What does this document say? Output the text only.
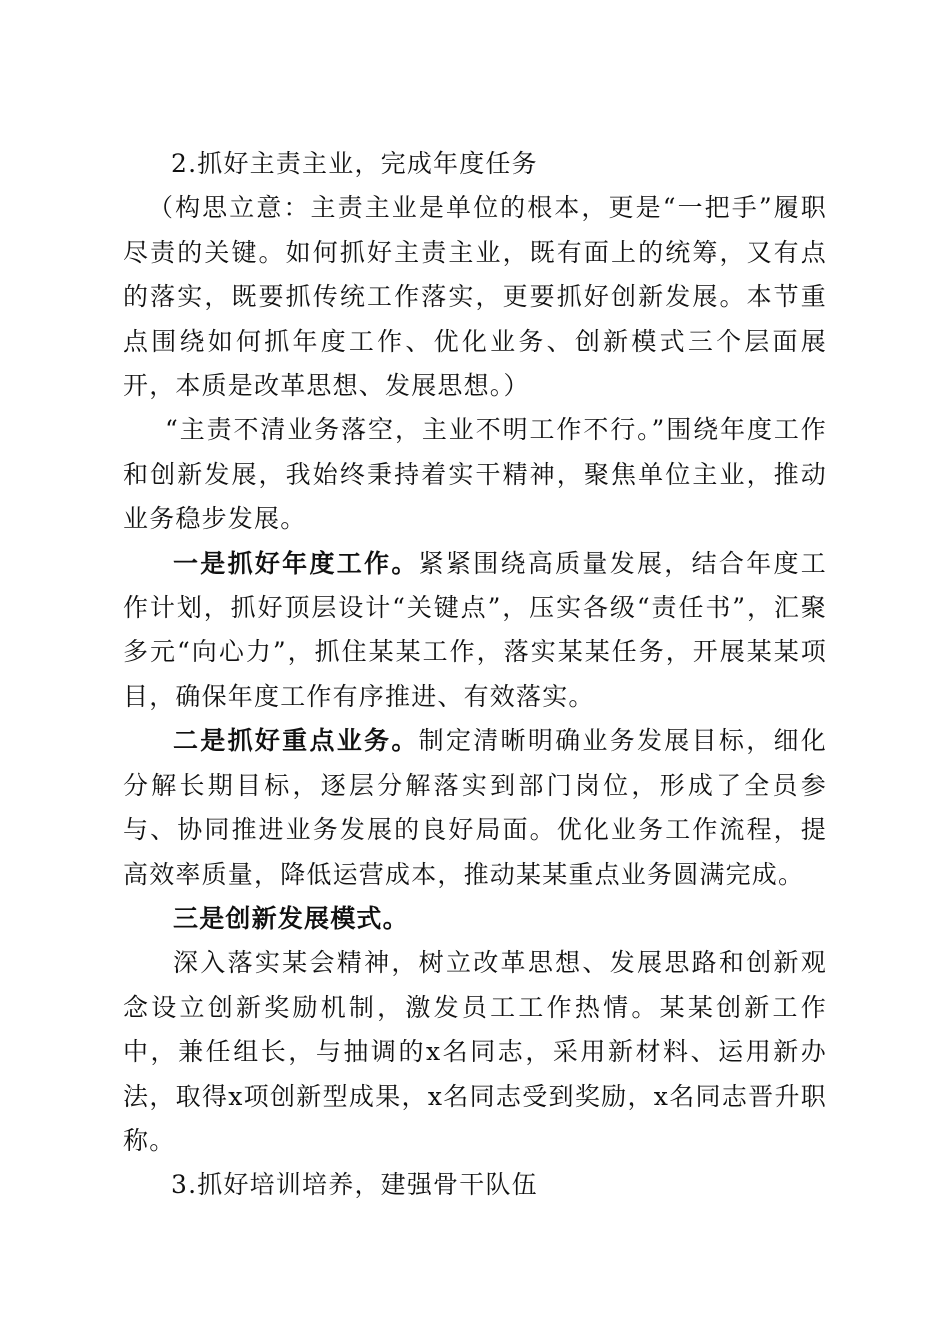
2.抓好主责主业，完成年度任务

（构思立意：主责主业是单位的根本，更是“一把手”履职尽责的关键。如何抓好主责主业，既有面上的统筹，又有点的落实，既要抓传统工作落实，更要抓好创新发展。本节重点围绕如何抓年度工作、优化业务、创新模式三个层面展开，本质是改革思想、发展思想。）

“主责不清业务落空，主业不明工作不行。”围绕年度工作和创新发展，我始终秉持着实干精神，聚焦单位主业，推动业务稳步发展。

一是抓好年度工作。紧紧围绕高质量发展，结合年度工作计划，抓好顶层设计“关键点”，压实各级“责任书”，汇聚多元“向心力”，抓住某某工作，落实某某任务，开展某某项目，确保年度工作有序推进、有效落实。

二是抓好重点业务。制定清晰明确业务发展目标，细化分解长期目标，逐层分解落实到部门岗位，形成了全员参与、协同推进业务发展的良好局面。优化业务工作流程，提高效率质量，降低运营成本，推动某某重点业务圆满完成。

三是创新发展模式。

深入落实某会精神，树立改革思想、发展思路和创新观念设立创新奖励机制，激发员工工作热情。某某创新工作中，兼任组长，与抽调的x名同志，采用新材料、运用新办法，取得x项创新型成果，x名同志受到奖励，x名同志晋升职称。

3.抓好培训培养，建强骨干队伍
